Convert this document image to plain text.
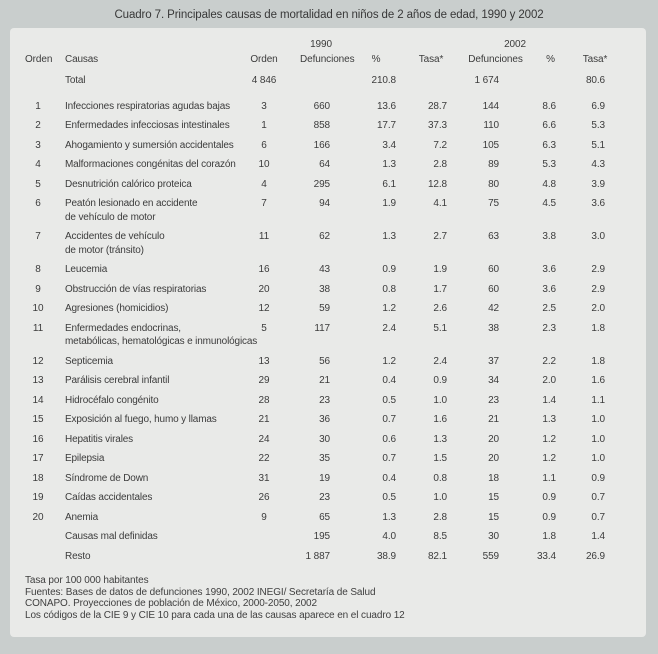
Cuadro 7. Principales causas de mortalidad en niños de 2 años de edad, 1990 y 2002
		1990				2002		
Orden	Causas	Orden	Defunciones	%	Tasa*	Defunciones	%	Tasa*
	Total	4 846		210.8		1 674		80.6
1	Infecciones respiratorias agudas bajas	3	660	13.6	28.7	144	8.6	6.9
2	Enfermedades infecciosas intestinales	1	858	17.7	37.3	110	6.6	5.3
3	Ahogamiento y sumersión accidentales	6	166	3.4	7.2	105	6.3	5.1
4	Malformaciones congénitas del corazón	10	64	1.3	2.8	89	5.3	4.3
5	Desnutrición calórico proteica	4	295	6.1	12.8	80	4.8	3.9
6	Peatón lesionado en accidente
de vehículo de motor	7	94	1.9	4.1	75	4.5	3.6
7	Accidentes de vehículo
de motor (tránsito)	11	62	1.3	2.7	63	3.8	3.0
8	Leucemia	16	43	0.9	1.9	60	3.6	2.9
9	Obstrucción de vías respiratorias	20	38	0.8	1.7	60	3.6	2.9
10	Agresiones (homicidios)	12	59	1.2	2.6	42	2.5	2.0
11	Enfermedades endocrinas,
metabólicas, hematológicas e inmunológicas	5	117	2.4	5.1	38	2.3	1.8
12	Septicemia	13	56	1.2	2.4	37	2.2	1.8
13	Parálisis cerebral infantil	29	21	0.4	0.9	34	2.0	1.6
14	Hidrocéfalo congénito	28	23	0.5	1.0	23	1.4	1.1
15	Exposición al fuego, humo y llamas	21	36	0.7	1.6	21	1.3	1.0
16	Hepatitis virales	24	30	0.6	1.3	20	1.2	1.0
17	Epilepsia	22	35	0.7	1.5	20	1.2	1.0
18	Síndrome de Down	31	19	0.4	0.8	18	1.1	0.9
19	Caídas accidentales	26	23	0.5	1.0	15	0.9	0.7
20	Anemia	9	65	1.3	2.8	15	0.9	0.7
	Causas mal definidas		195	4.0	8.5	30	1.8	1.4
	Resto		1 887	38.9	82.1	559	33.4	26.9
Tasa por 100 000 habitantes
Fuentes: Bases de datos de defunciones 1990, 2002 INEGI/ Secretaría de Salud
CONAPO. Proyecciones de población de México, 2000-2050, 2002
Los códigos de la CIE 9 y CIE 10 para cada una de las causas aparece en el cuadro 12
